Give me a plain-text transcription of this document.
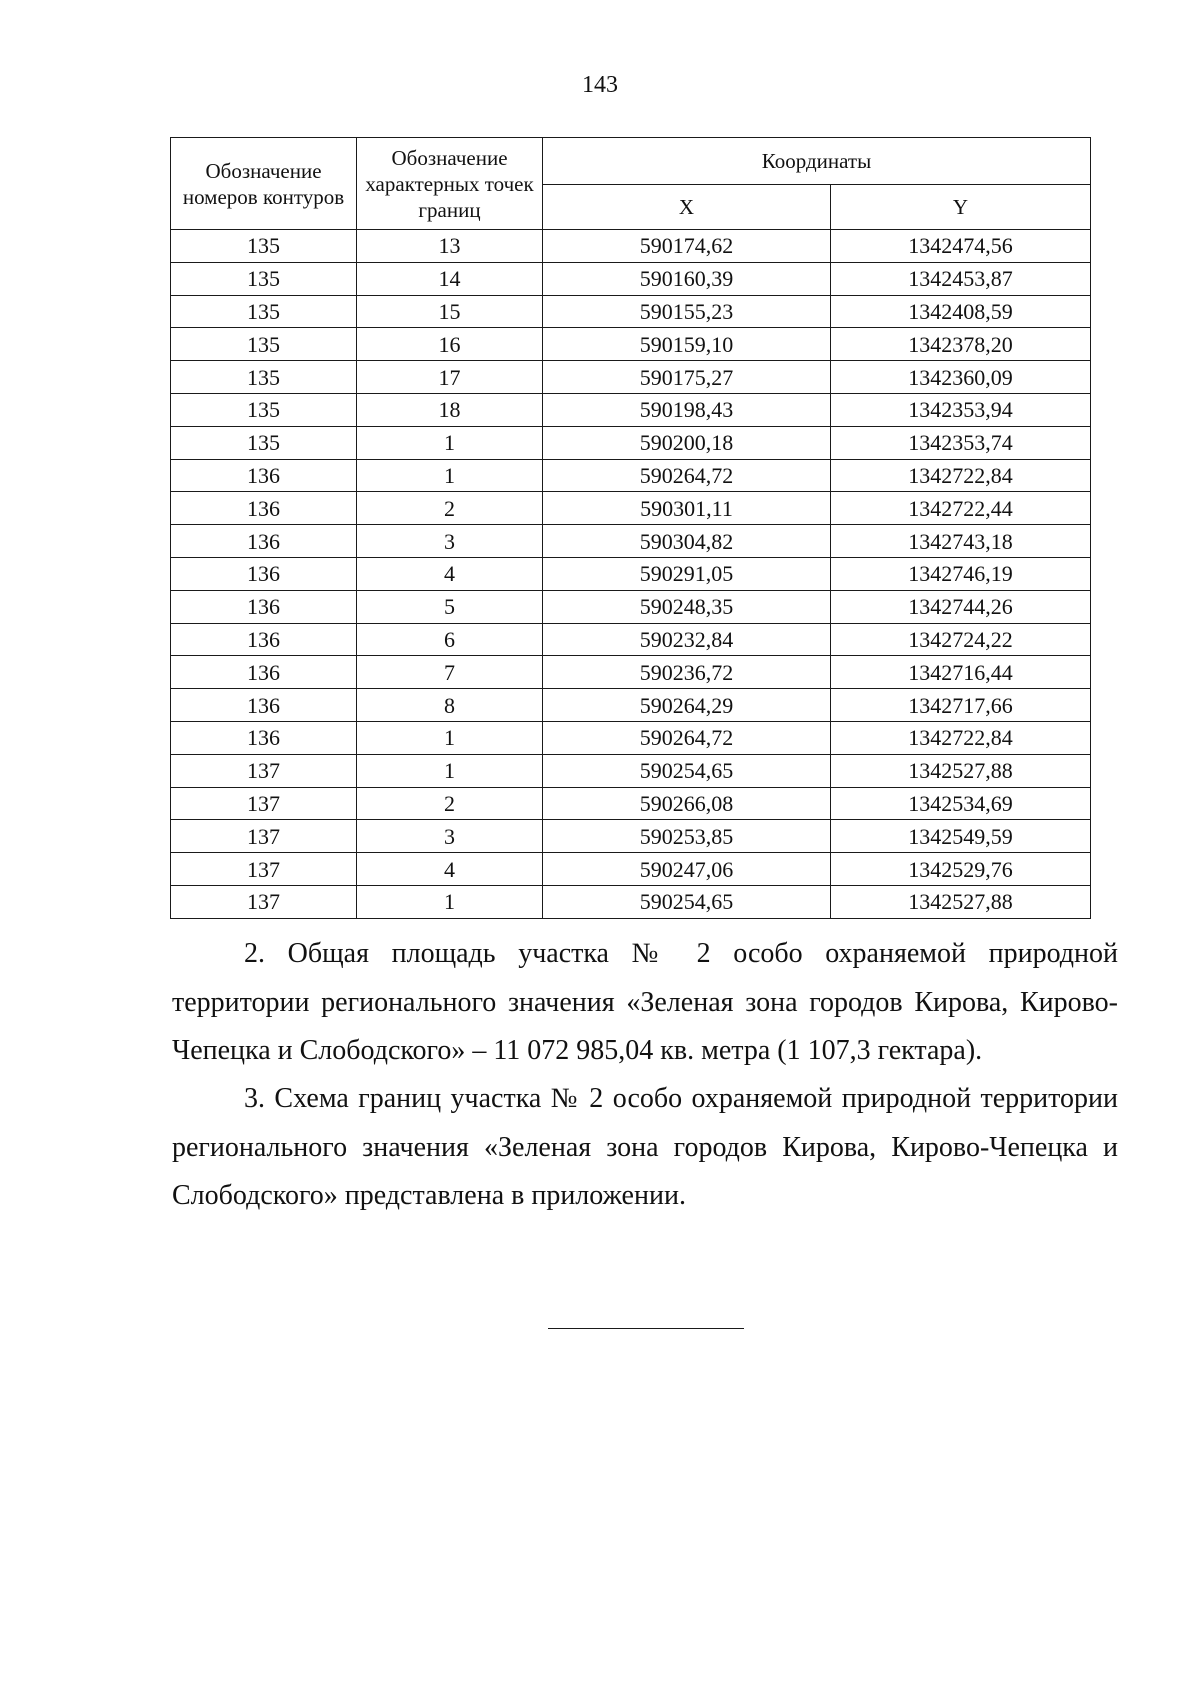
143
Обозначение номеров контуров	Обозначение характерных точек границ	Координаты	
		X	Y
135	13	590174,62	1342474,56
135	14	590160,39	1342453,87
135	15	590155,23	1342408,59
135	16	590159,10	1342378,20
135	17	590175,27	1342360,09
135	18	590198,43	1342353,94
135	1	590200,18	1342353,74
136	1	590264,72	1342722,84
136	2	590301,11	1342722,44
136	3	590304,82	1342743,18
136	4	590291,05	1342746,19
136	5	590248,35	1342744,26
136	6	590232,84	1342724,22
136	7	590236,72	1342716,44
136	8	590264,29	1342717,66
136	1	590264,72	1342722,84
137	1	590254,65	1342527,88
137	2	590266,08	1342534,69
137	3	590253,85	1342549,59
137	4	590247,06	1342529,76
137	1	590254,65	1342527,88

2. Общая площадь участка № 2 особо охраняемой природной территории регионального значения «Зеленая зона городов Кирова, Кирово-Чепецка и Слободского» – 11 072 985,04 кв. метра (1 107,3 гектара).

3. Схема границ участка № 2 особо охраняемой природной территории регионального значения «Зеленая зона городов Кирова, Кирово-Чепецка и Слободского» представлена в приложении.
